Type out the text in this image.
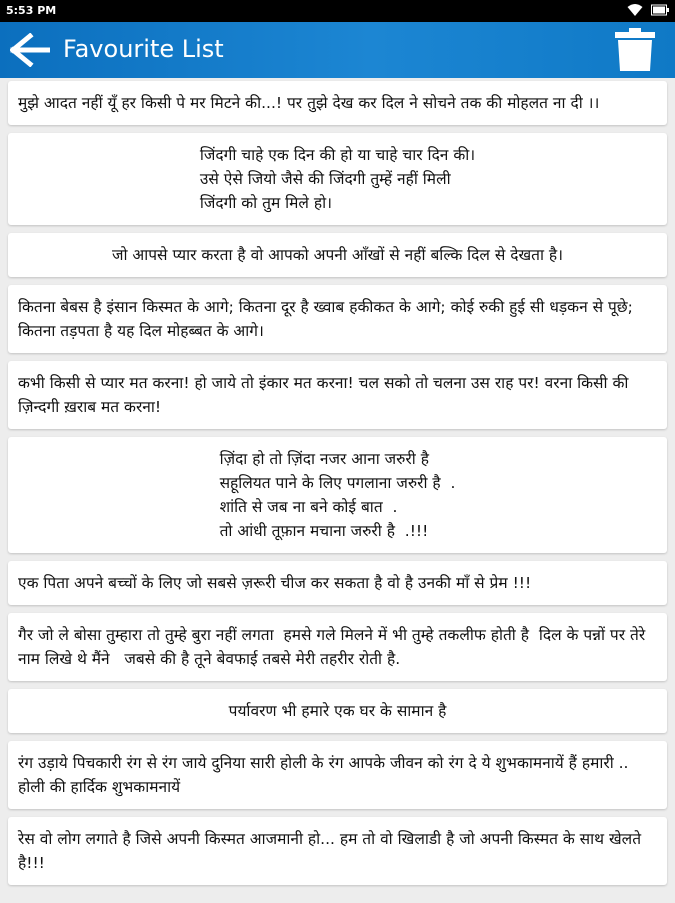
5:53 PM
Favourite List
मुझे आदत नहीं यूँ हर किसी पे मर मिटने की...! पर तुझे देख कर दिल ने सोचने तक की मोहलत ना दी ।।
जिंदगी चाहे एक दिन की हो या चाहे चार दिन की।
उसे ऐसे जियो जैसे की जिंदगी तुम्हें नहीं मिली
जिंदगी को तुम मिले हो।
जो आपसे प्यार करता है वो आपको अपनी आँखों से नहीं बल्कि दिल से देखता है।
कितना बेबस है इंसान किस्मत के आगे; कितना दूर है ख्वाब हकीकत के आगे; कोई रुकी हुई सी धड़कन से पूछे; कितना तड़पता है यह दिल मोहब्बत के आगे।
कभी किसी से प्यार मत करना! हो जाये तो इंकार मत करना! चल सको तो चलना उस राह पर! वरना किसी की ज़िन्दगी ख़राब मत करना!
ज़िंदा हो तो ज़िंदा नजर आना जरुरी है
सहूलियत पाने के लिए पगलाना जरुरी है  .
शांति से जब ना बने कोई बात  .
तो आंधी तूफ़ान मचाना जरुरी है  .!!!
एक पिता अपने बच्चों के लिए जो सबसे ज़रूरी चीज कर सकता है वो है उनकी माँ से प्रेम !!!
गैर जो ले बोसा तुम्हारा तो तुम्हे बुरा नहीं लगता  हमसे गले मिलने में भी तुम्हे तकलीफ होती है  दिल के पन्नों पर तेरे नाम लिखे थे मैंने   जबसे की है तूने बेवफाई तबसे मेरी तहरीर रोती है.
पर्यावरण भी हमारे एक घर के सामान है
रंग उड़ाये पिचकारी रंग से रंग जाये दुनिया सारी होली के रंग आपके जीवन को रंग दे ये शुभकामनायें हैं हमारी .. होली की हार्दिक शुभकामनायें
रेस वो लोग लगाते है जिसे अपनी किस्मत आजमानी हो... हम तो वो खिलाडी है जो अपनी किस्मत के साथ खेलते है!!!
